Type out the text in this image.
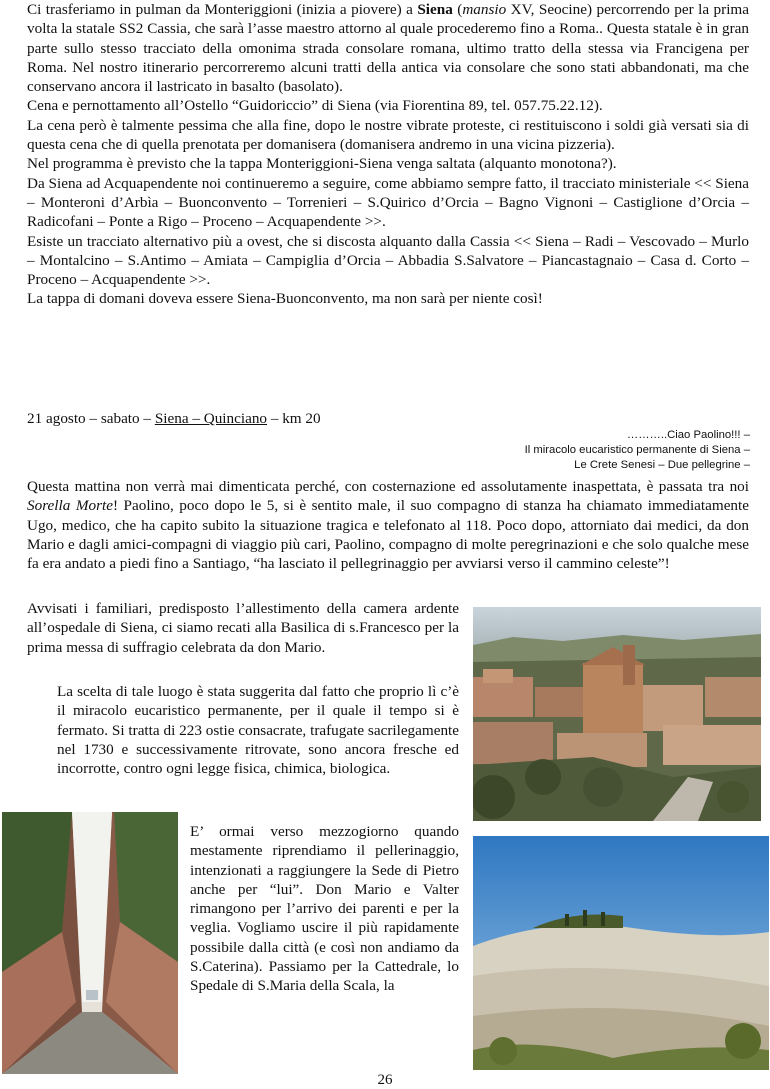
Ci trasferiamo in pulman da Monteriggioni (inizia a piovere) a Siena (mansio XV, Seocine) percorrendo per la prima volta la statale SS2 Cassia, che sarà l’asse maestro attorno al quale procederemo fino a Roma.. Questa statale è in gran parte sullo stesso tracciato della omonima strada consolare romana, ultimo tratto della stessa via Francigena per Roma. Nel nostro itinerario percorreremo alcuni tratti della antica via consolare che sono stati abbandonati, ma che conservano ancora il lastricato in basalto (basolato).

Cena e pernottamento all’Ostello “Guidoriccio” di Siena (via Fiorentina 89, tel. 057.75.22.12).

La cena però è talmente pessima che alla fine, dopo le nostre vibrate proteste, ci restituiscono i soldi già versati sia di questa cena che di quella prenotata per domanisera (domanisera andremo in una vicina pizzeria).

Nel programma è previsto che la tappa Monteriggioni-Siena venga saltata (alquanto monotona?).

Da Siena ad Acquapendente noi continueremo a seguire, come abbiamo sempre fatto, il tracciato ministeriale << Siena – Monteroni d’Arbìa – Buonconvento – Torrenieri – S.Quirico d’Orcia – Bagno Vignoni – Castiglione d’Orcia – Radicofani – Ponte a Rigo – Proceno – Acquapendente >>.

Esiste un tracciato alternativo più a ovest, che si discosta alquanto dalla Cassia << Siena – Radi – Vescovado – Murlo – Montalcino – S.Antimo – Amiata – Campiglia d’Orcia – Abbadia S.Salvatore – Piancastagnaio – Casa d. Corto – Proceno – Acquapendente >>.

La tappa di domani doveva essere Siena-Buonconvento, ma non sarà per niente così!

21 agosto – sabato – Siena – Quinciano – km 20
………..Ciao Paolino!!! –
Il miracolo eucaristico permanente di Siena –
Le Crete Senesi – Due pellegrine –
Questa mattina non verrà mai dimenticata perché, con costernazione ed assolutamente inaspettata, è passata tra noi Sorella Morte! Paolino, poco dopo le 5, si è sentito male, il suo compagno di stanza ha chiamato immediatamente Ugo, medico, che ha capito subito la situazione tragica e telefonato al 118. Poco dopo, attorniato dai medici, da don Mario e dagli amici-compagni di viaggio più cari, Paolino, compagno di molte peregrinazioni e che solo qualche mese fa era andato a piedi fino a Santiago, “ha lasciato il pellegrinaggio per avviarsi verso il cammino celeste”!
Avvisati i familiari, predisposto l’allestimento della camera ardente all’ospedale di Siena, ci siamo recati alla Basilica di s.Francesco per la prima messa di suffragio celebrata da don Mario.
La scelta di tale luogo è stata suggerita dal fatto che proprio lì c’è il miracolo eucaristico permanente, per il quale il tempo si è fermato. Si tratta di 223 ostie consacrate, trafugate sacrilegamente nel 1730 e successivamente ritrovate, sono ancora fresche ed incorrotte, contro ogni legge fisica, chimica, biologica.
E’ ormai verso mezzogiorno quando mestamente riprendiamo il pellerinaggio, intenzionati a raggiungere la Sede di Pietro anche per “lui”. Don Mario e Valter rimangono per l’arrivo dei parenti e per la veglia. Vogliamo uscire il più rapidamente possibile dalla città (e così non andiamo da S.Caterina). Passiamo per la Cattedrale, lo Spedale di S.Maria della Scala, la
26
